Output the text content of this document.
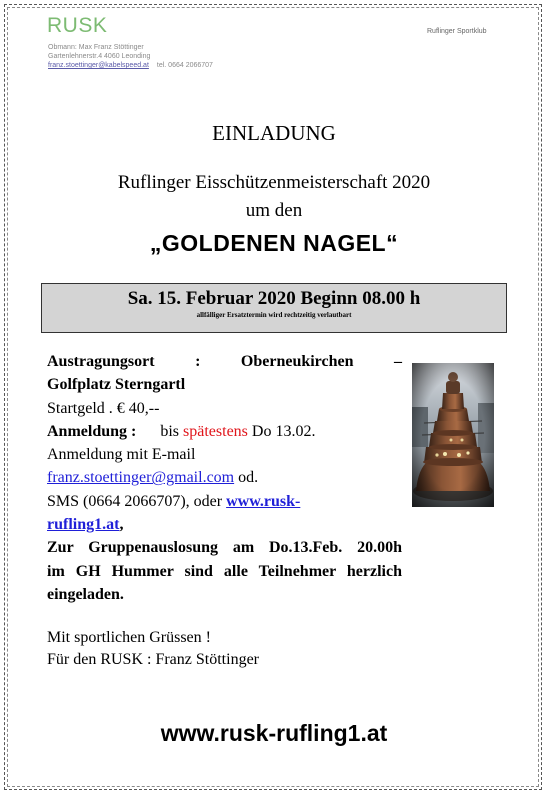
RUSK	Ruflinger Sportklub
Obmann: Max Franz Stöttinger
Gartenlehnerstr.4 4060 Leonding
franz.stoettinger@kabelspeed.at tel. 0664 2066707
EINLADUNG
Ruflinger Eisschützenmeisterschaft 2020
um den
„GOLDENEN NAGEL“
Sa. 15. Februar 2020 Beginn 08.00 h
allfälliger Ersatztermin wird rechtzeitig verlautbart
Austragungsort : Oberneukirchen –
Golfplatz Sterngartl
Startgeld . € 40,--
Anmeldung : bis spätestens Do 13.02.
Anmeldung mit E-mail
franz.stoettinger@gmail.com od.
SMS (0664 2066707), oder www.rusk-
rufling1.at,
Zur Gruppenauslosung am Do.13.Feb. 20.00h
im GH Hummer sind alle Teilnehmer herzlich
eingeladen.
Mit sportlichen Grüssen !
Für den RUSK : Franz Stöttinger
www.rusk-rufling1.at
